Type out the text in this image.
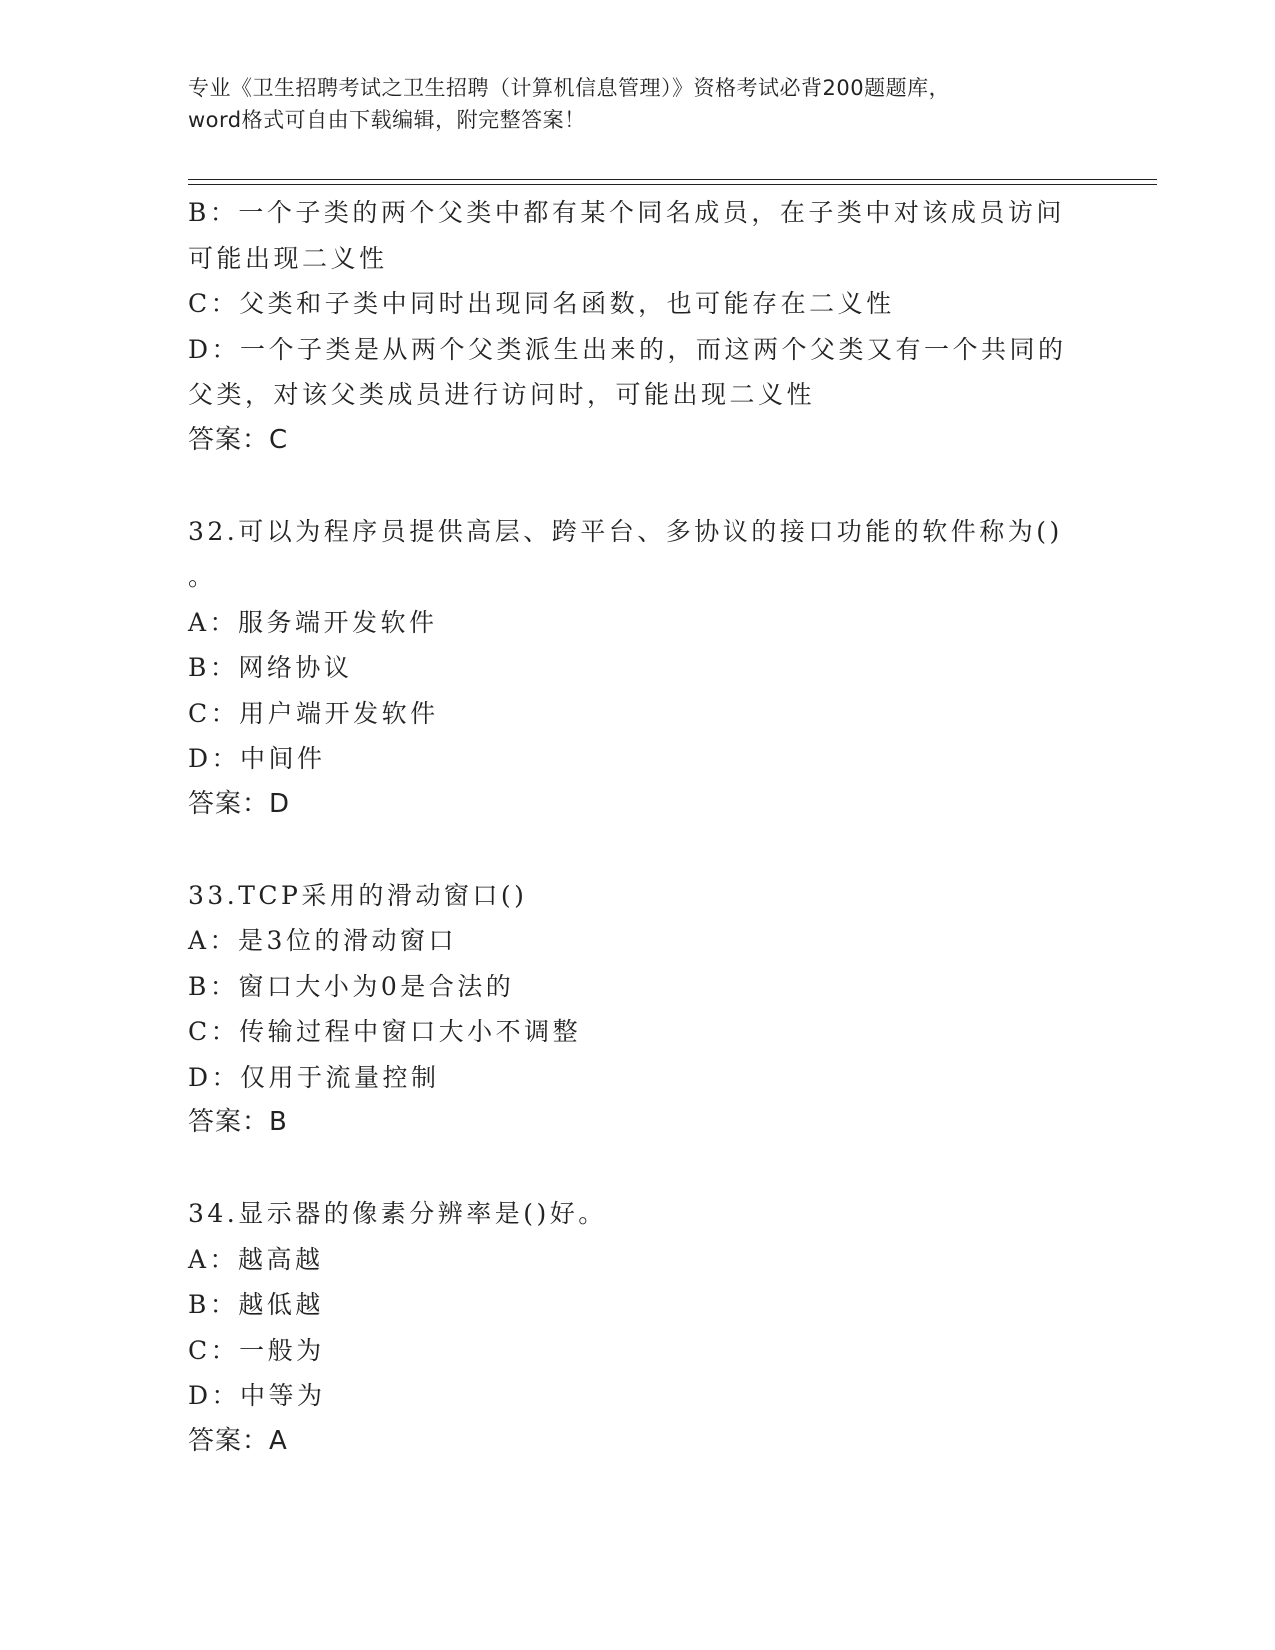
专业《卫生招聘考试之卫生招聘（计算机信息管理）》资格考试必背200题题库，
word格式可自由下载编辑，附完整答案！
B：一个子类的两个父类中都有某个同名成员，在子类中对该成员访问
可能出现二义性
C：父类和子类中同时出现同名函数，也可能存在二义性
D：一个子类是从两个父类派生出来的，而这两个父类又有一个共同的
父类，对该父类成员进行访问时，可能出现二义性
答案：C
32.可以为程序员提供高层、跨平台、多协议的接口功能的软件称为()
。
A：服务端开发软件
B：网络协议
C：用户端开发软件
D：中间件
答案：D
33.TCP采用的滑动窗口()
A：是3位的滑动窗口
B：窗口大小为0是合法的
C：传输过程中窗口大小不调整
D：仅用于流量控制
答案：B
34.显示器的像素分辨率是()好。
A：越高越
B：越低越
C：一般为
D：中等为
答案：A
